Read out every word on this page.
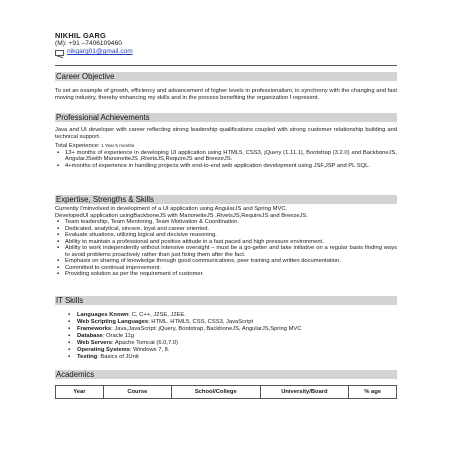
NIKHIL GARG
(M): +91 –7406109460
nikgarg01@gmail.com
Career Objective

To set an example of growth, efficiency and advancement of higher levels in professionalism, in synchrony with the changing and fast moving industry, thereby enhancing my skills and in the process benefiting the organization I represent.

Professional Achievements

Java and UI developer with career reflecting strong leadership qualifications coupled with strong customer relationship building and technical support.

Total Experience: 1 Year 5 months

▪ 13+ months of experience in developing UI application using HTML5, CSS3, jQuery (1.11.1), Bootstrap (3.2.0) and BackboneJS, AngularJSwith ManonetteJS ,RivetsJS,RequireJS and BreezeJS.
▪ 4+months of experience in handling projects with end-to-end web application development using JSF,JSP and PL SQL.
Expertise, Strengths & Skills

Currently I'minvolved in development of a UI application using AngularJS and Spring MVC.

DevelopedUI application usingBackboneJS with MarionetteJS ,RivetsJS,RequireJS and BreezeJS.

▪ Team leadership, Team Mentoring, Team Motivation & Coordination.
▪ Dedicated, analytical, sincere, loyal and career oriented.
▪ Evaluate situations, utilizing logical and decisive reasoning.
▪ Ability to maintain a professional and positive attitude in a fast paced and high pressure environment.
▪ Ability to work independently without intensive oversight – must be a go-getter and take initiative on a regular basis finding ways to avoid problems proactively rather than just fixing them after the fact.
▪ Emphasis on sharing of knowledge through good communications, peer training and written documentation.
▪ Committed to continual improvement.
▪ Providing solution as per the requirement of customer.
IT Skills
▪ Languages Known: C, C++, J2SE, J2EE.
▪ Web Scripting Languages: HTML, HTML5, CSS, CSS3, JavaScript
▪ Frameworks: Java,JavaScript: jQuery, Bootstrap, BackboneJS, AngularJS,Spring MVC
▪ Database: Oracle 11g
▪ Web Servers: Apache Tomcat (6.0,7.0)
▪ Operating Systems: Windows 7, 8.
▪ Testing: Basics of JUnit
Academics
Year	Course	School/College	University/Board	% age
